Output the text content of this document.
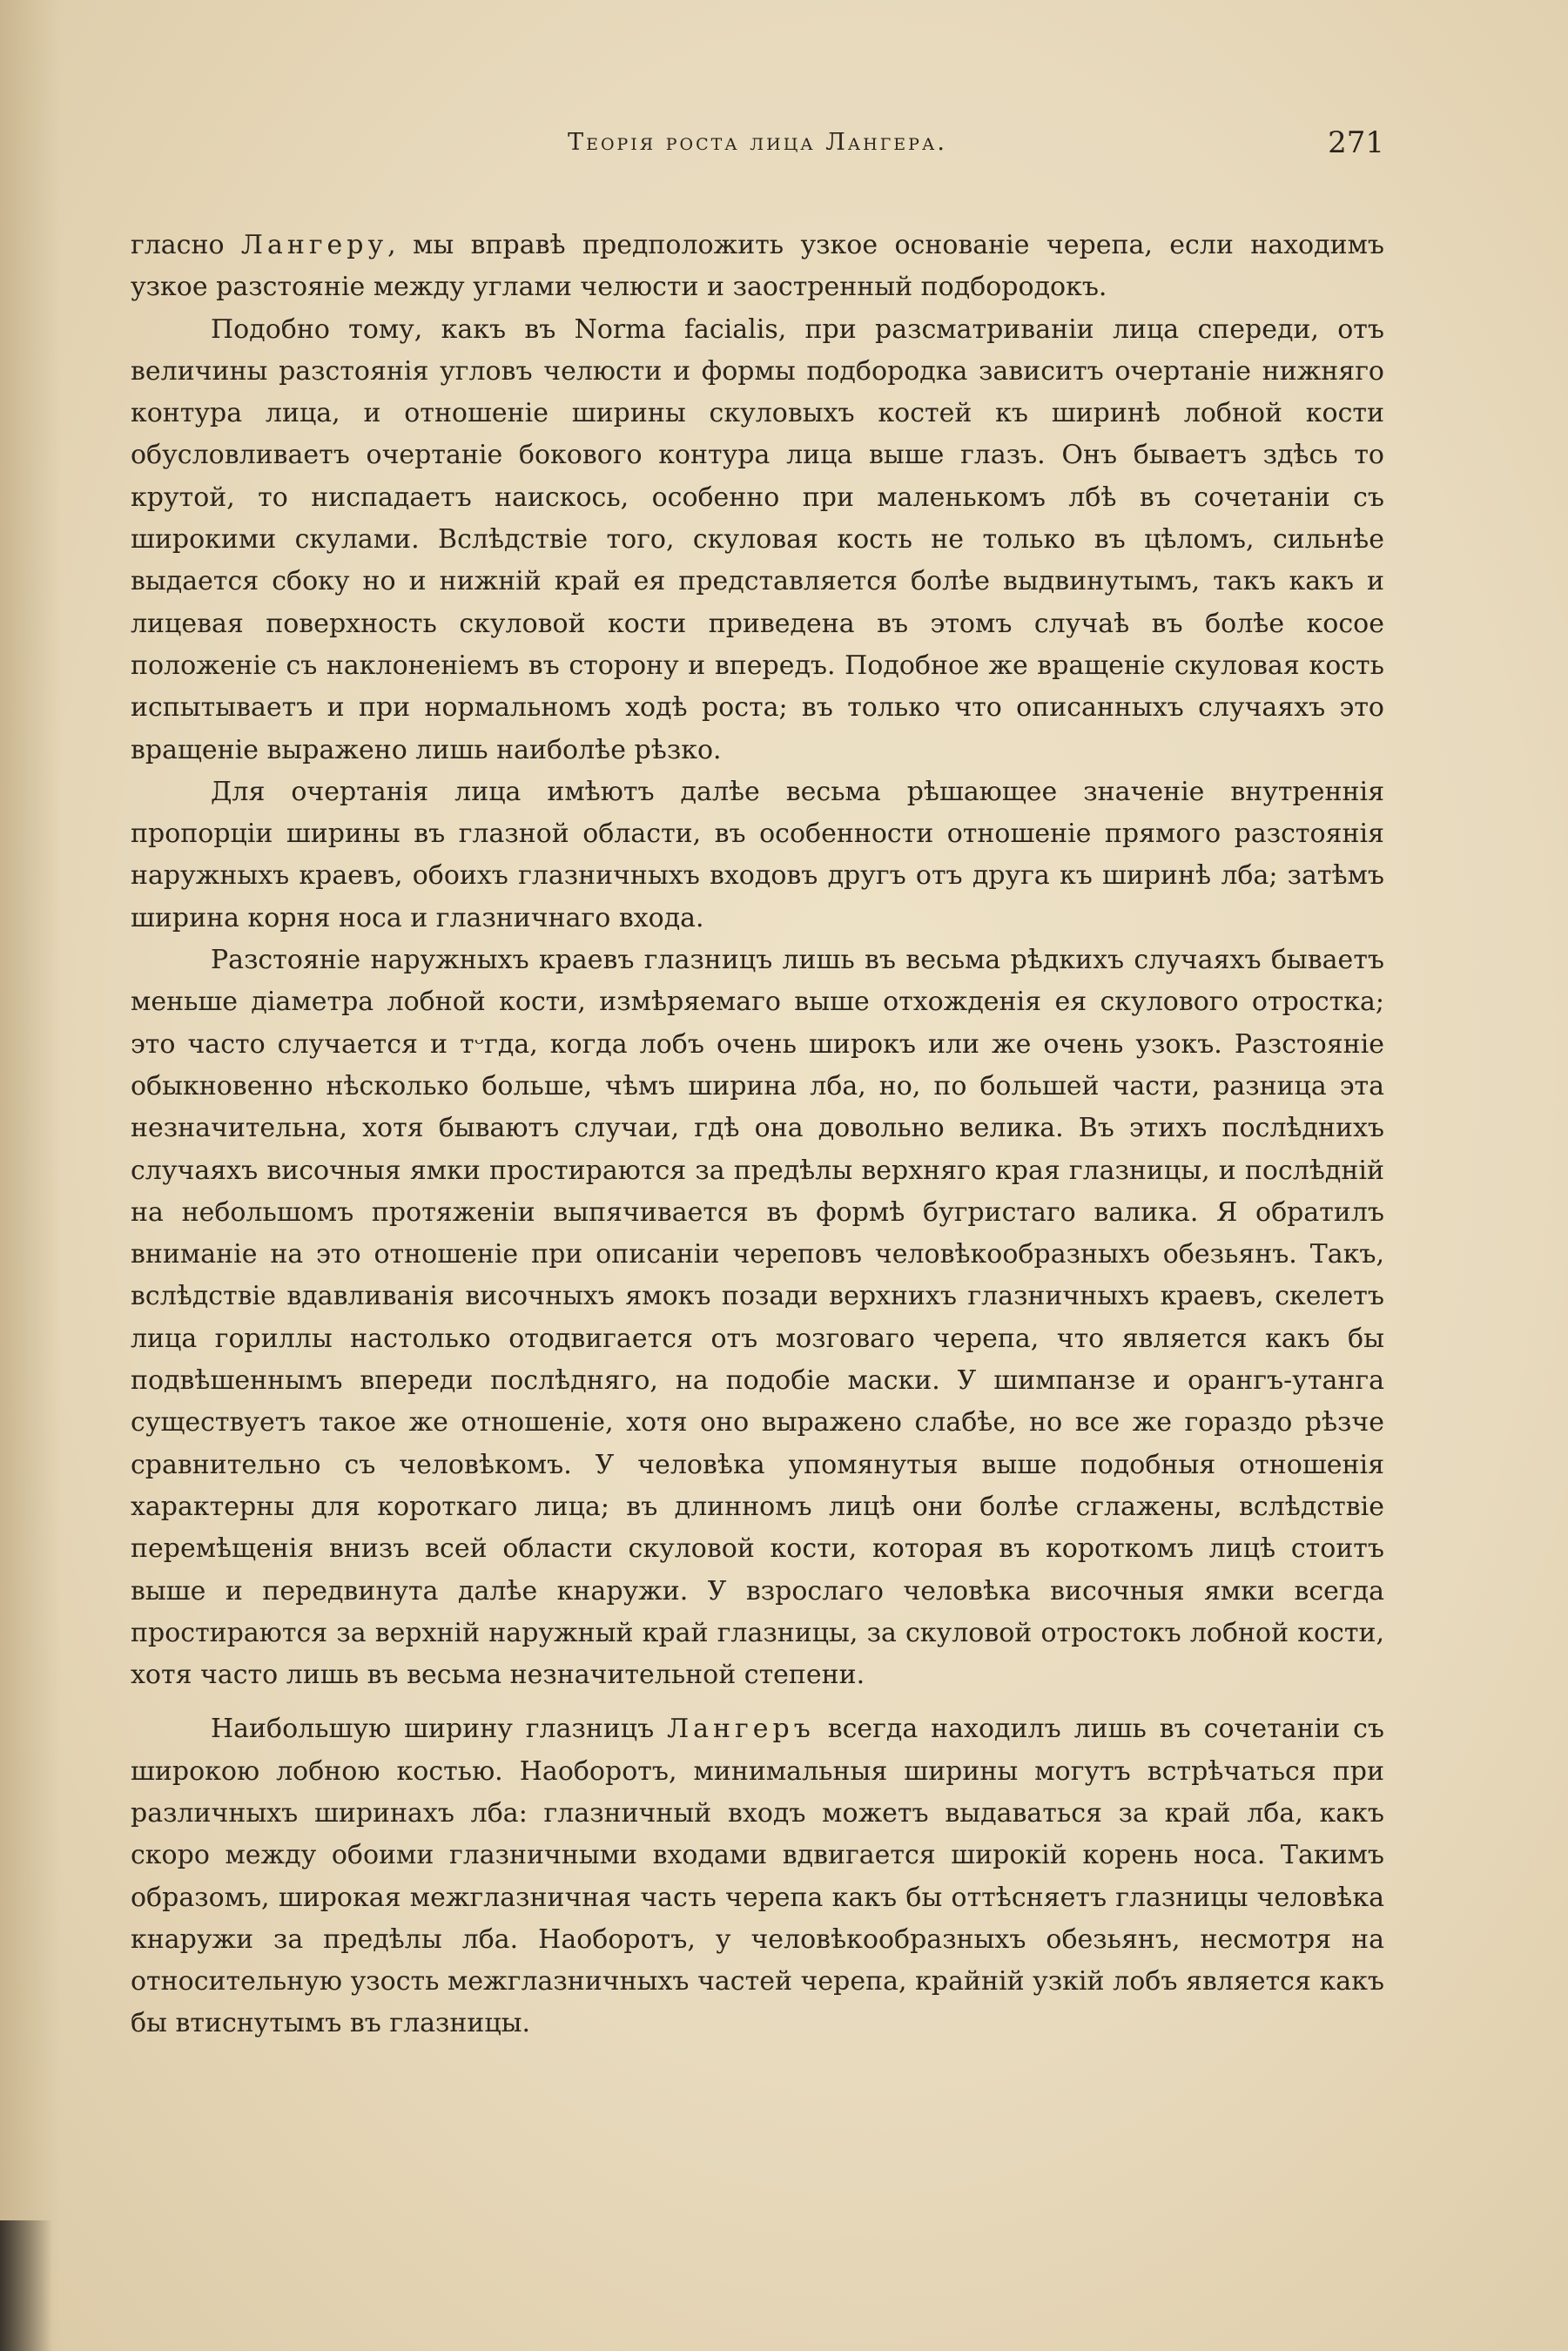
Теорія роста лица Лангера.	271

гласно Лангеру, мы вправѣ предположить узкое основаніе черепа, если находимъ узкое разстояніе между углами челюсти и заостренный подбородокъ.

Подобно тому, какъ въ Norma facialis, при разсматриваніи лица спереди, отъ величины разстоянія угловъ челюсти и формы подбородка зависитъ очертаніе нижняго контура лица, и отношеніе ширины скуловыхъ костей къ ширинѣ лобной кости обусловливаетъ очертаніе бокового контура лица выше глазъ. Онъ бываетъ здѣсь то крутой, то ниспадаетъ наискось, особенно при маленькомъ лбѣ въ сочетаніи съ широкими скулами. Вслѣдствіе того, скуловая кость не только въ цѣломъ, сильнѣе выдается сбоку но и нижній край ея представляется болѣе выдвинутымъ, такъ какъ и лицевая поверхность скуловой кости приведена въ этомъ случаѣ въ болѣе косое положеніе съ наклоненіемъ въ сторону и впередъ. Подобное же вращеніе скуловая кость испытываетъ и при нормальномъ ходѣ роста; въ только что описанныхъ случаяхъ это вращеніе выражено лишь наиболѣе рѣзко.

Для очертанія лица имѣютъ далѣе весьма рѣшающее значеніе внутреннія пропорціи ширины въ глазной области, въ особенности отношеніе прямого разстоянія наружныхъ краевъ, обоихъ глазничныхъ входовъ другъ отъ друга къ ширинѣ лба; затѣмъ ширина корня носа и глазничнаго входа.

Разстояніе наружныхъ краевъ глазницъ лишь въ весьма рѣдкихъ случаяхъ бываетъ меньше діаметра лобной кости, измѣряемаго выше отхожденія ея скулового отростка; это часто случается и тᵕгда, когда лобъ очень широкъ или же очень узокъ. Разстояніе обыкновенно нѣсколько больше, чѣмъ ширина лба, но, по большей части, разница эта незначительна, хотя бываютъ случаи, гдѣ она довольно велика. Въ этихъ послѣднихъ случаяхъ височныя ямки простираются за предѣлы верхняго края глазницы, и послѣдній на небольшомъ протяженіи выпячивается въ формѣ бугристаго валика. Я обратилъ вниманіе на это отношеніе при описаніи череповъ человѣкообразныхъ обезьянъ. Такъ, вслѣдствіе вдавливанія височныхъ ямокъ позади верхнихъ глазничныхъ краевъ, скелетъ лица гориллы настолько отодвигается отъ мозговаго черепа, что является какъ бы подвѣшеннымъ впереди послѣдняго, на подобіе маски. У шимпанзе и орангъ-утанга существуетъ такое же отношеніе, хотя оно выражено слабѣе, но все же гораздо рѣзче сравнительно съ человѣкомъ. У человѣка упомянутыя выше подобныя отношенія характерны для короткаго лица; въ длинномъ лицѣ они болѣе сглажены, вслѣдствіе перемѣщенія внизъ всей области скуловой кости, которая въ короткомъ лицѣ стоитъ выше и передвинута далѣе кнаружи. У взрослаго человѣка височныя ямки всегда простираются за верхній наружный край глазницы, за скуловой отростокъ лобной кости, хотя часто лишь въ весьма незначительной степени.

Наибольшую ширину глазницъ Лангеръ всегда находилъ лишь въ сочетаніи съ широкою лобною костью. Наоборотъ, минимальныя ширины могутъ встрѣчаться при различныхъ ширинахъ лба: глазничный входъ можетъ выдаваться за край лба, какъ скоро между обоими глазничными входами вдвигается широкій корень носа. Такимъ образомъ, широкая межглазничная часть черепа какъ бы оттѣсняетъ глазницы человѣка кнаружи за предѣлы лба. Наоборотъ, у человѣкообразныхъ обезьянъ, несмотря на относительную узость межглазничныхъ частей черепа, крайній узкій лобъ является какъ бы втиснутымъ въ глазницы.
